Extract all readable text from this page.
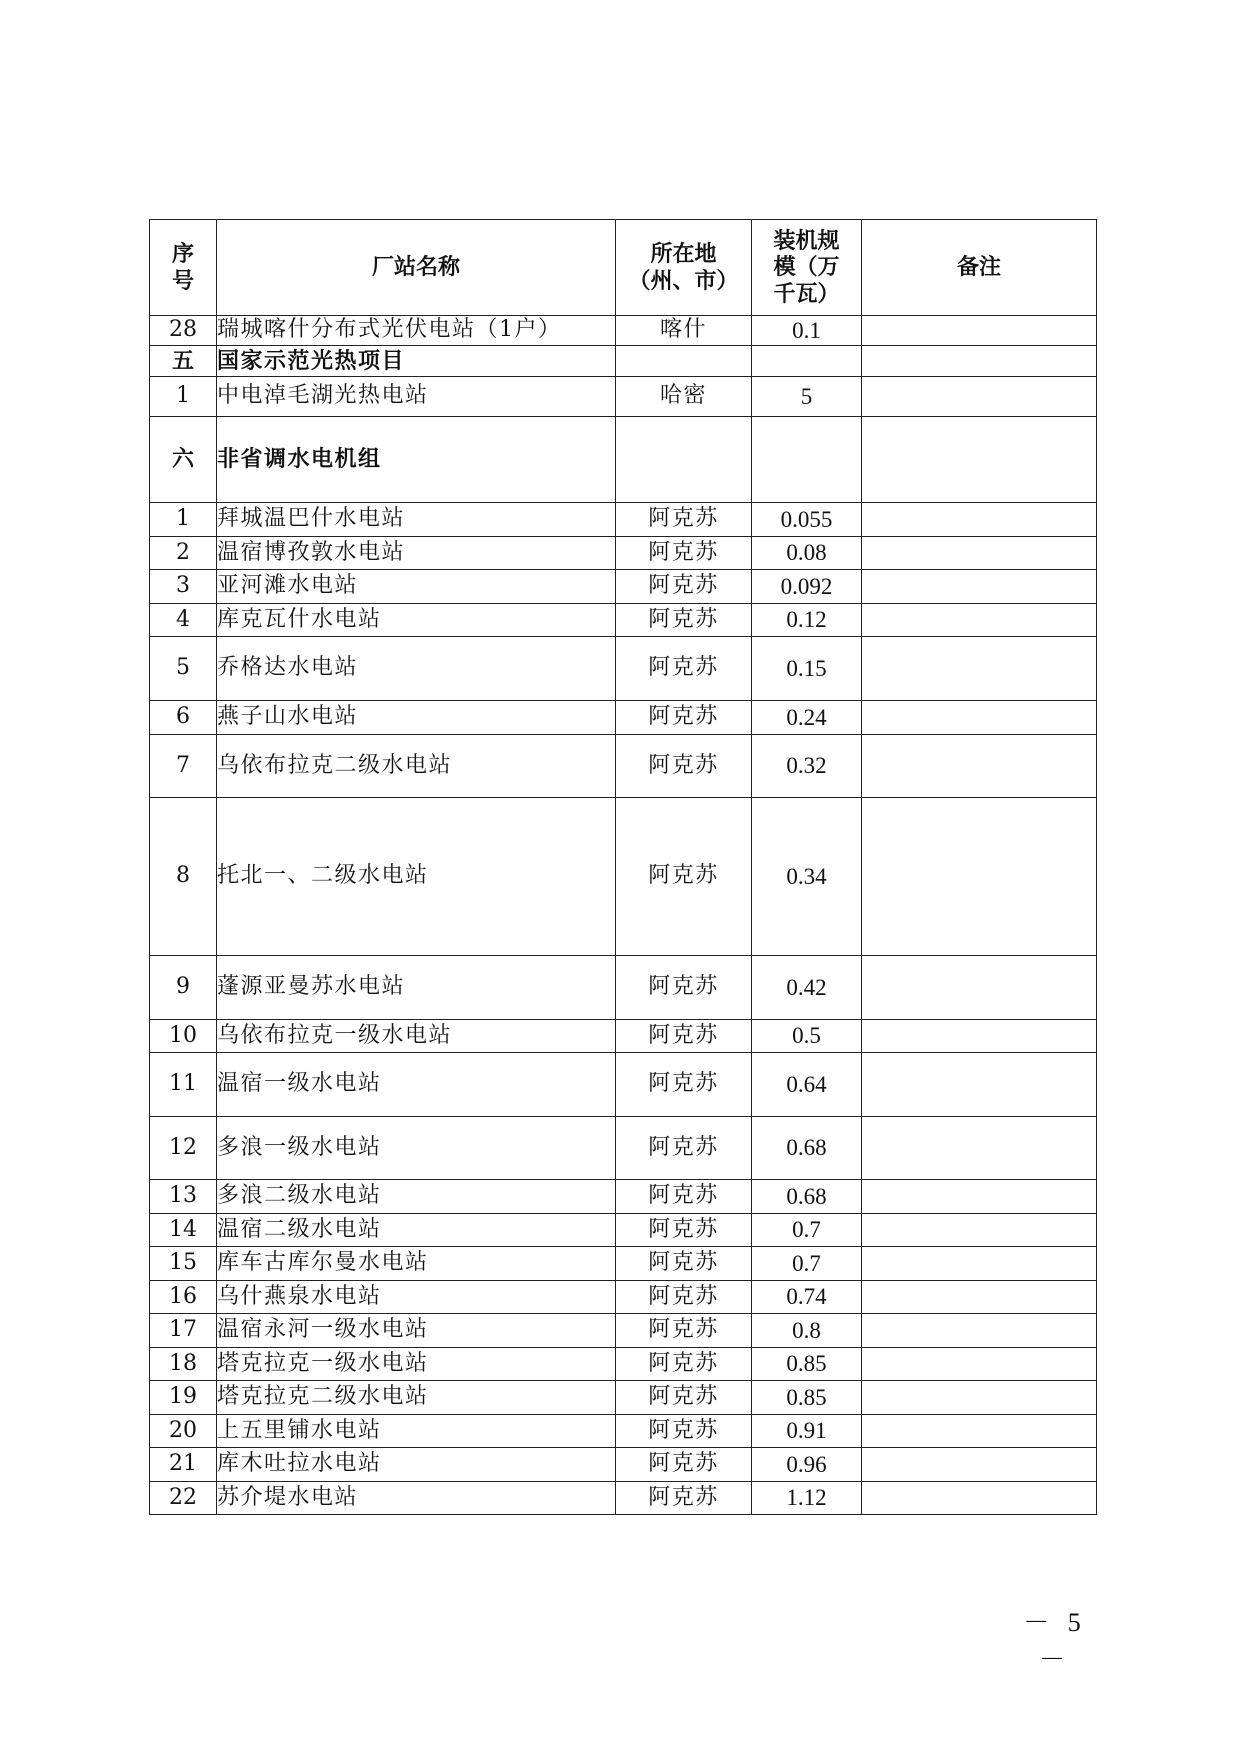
序号	厂站名称	所在地（州、市）	装机规模（万千瓦）	备注
28	瑞城喀什分布式光伏电站（1户）	喀什	0.1	
五	国家示范光热项目			
1	中电淖毛湖光热电站	哈密	5	
六	非省调水电机组			
1	拜城温巴什水电站	阿克苏	0.055	
2	温宿博孜敦水电站	阿克苏	0.08	
3	亚河滩水电站	阿克苏	0.092	
4	库克瓦什水电站	阿克苏	0.12	
5	乔格达水电站	阿克苏	0.15	
6	燕子山水电站	阿克苏	0.24	
7	乌依布拉克二级水电站	阿克苏	0.32	
8	托北一、二级水电站	阿克苏	0.34	
9	蓬源亚曼苏水电站	阿克苏	0.42	
10	乌依布拉克一级水电站	阿克苏	0.5	
11	温宿一级水电站	阿克苏	0.64	
12	多浪一级水电站	阿克苏	0.68	
13	多浪二级水电站	阿克苏	0.68	
14	温宿二级水电站	阿克苏	0.7	
15	库车古库尔曼水电站	阿克苏	0.7	
16	乌什燕泉水电站	阿克苏	0.74	
17	温宿永河一级水电站	阿克苏	0.8	
18	塔克拉克一级水电站	阿克苏	0.85	
19	塔克拉克二级水电站	阿克苏	0.85	
20	上五里铺水电站	阿克苏	0.91	
21	库木吐拉水电站	阿克苏	0.96	
22	苏介堤水电站	阿克苏	1.12	
－ 5 －
